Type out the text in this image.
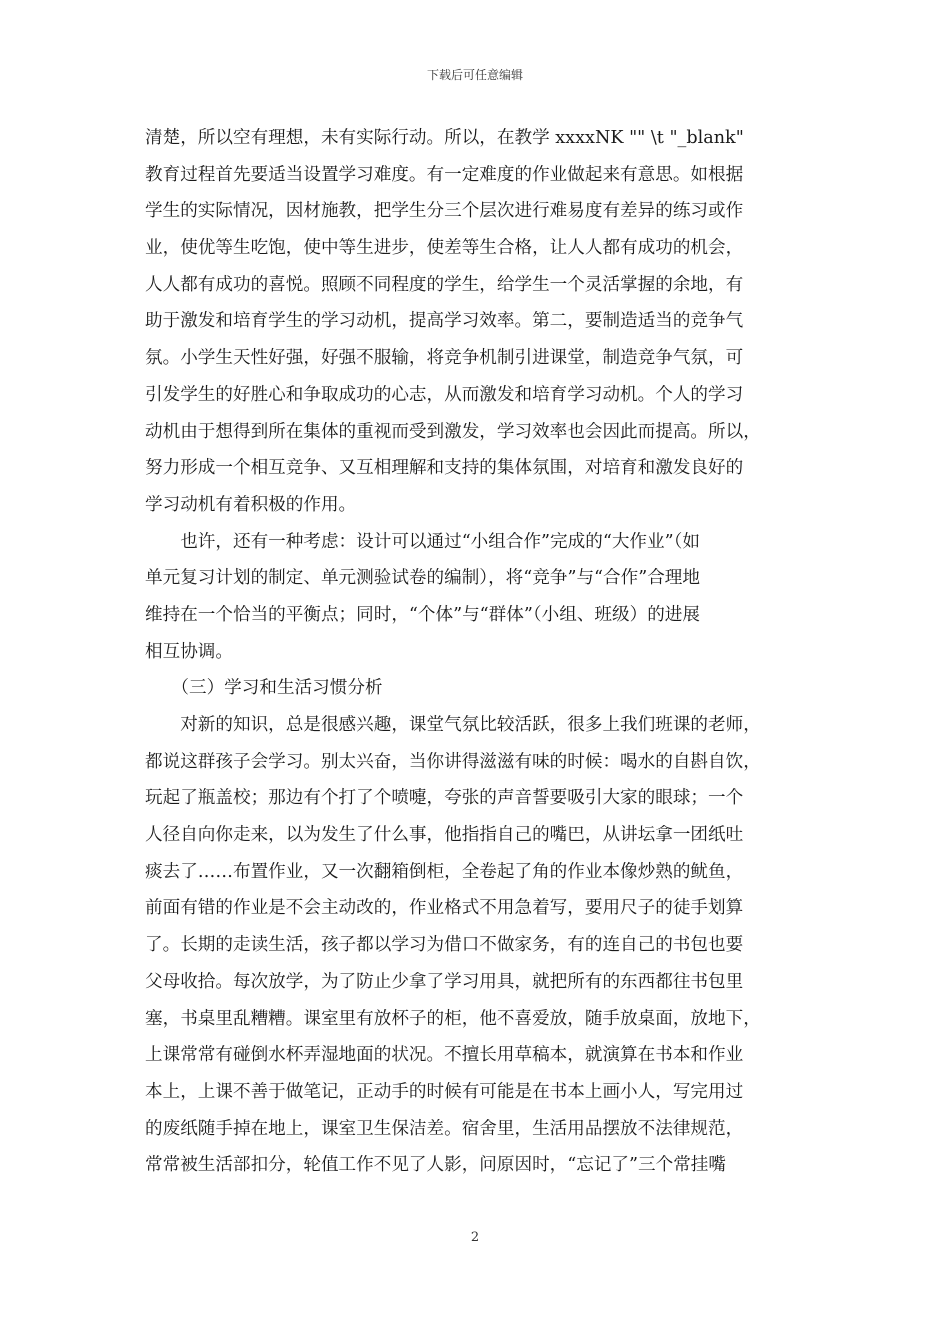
下载后可任意编辑
清楚，所以空有理想，未有实际行动。所以，在教学 xxxxNK "" \t "_blank"
教育过程首先要适当设置学习难度。有一定难度的作业做起来有意思。如根据
学生的实际情况，因材施教，把学生分三个层次进行难易度有差异的练习或作
业，使优等生吃饱，使中等生进步，使差等生合格，让人人都有成功的机会，
人人都有成功的喜悦。照顾不同程度的学生，给学生一个灵活掌握的余地，有
助于激发和培育学生的学习动机，提高学习效率。第二，要制造适当的竞争气
氛。小学生天性好强，好强不服输，将竞争机制引进课堂，制造竞争气氛，可
引发学生的好胜心和争取成功的心志，从而激发和培育学习动机。个人的学习
动机由于想得到所在集体的重视而受到激发，学习效率也会因此而提高。所以，
努力形成一个相互竞争、又互相理解和支持的集体氛围，对培育和激发良好的
学习动机有着积极的作用。
　　也许，还有一种考虑：设计可以通过“小组合作”完成的“大作业”（如
单元复习计划的制定、单元测验试卷的编制），将“竞争”与“合作”合理地
维持在一个恰当的平衡点；同时，“个体”与“群体”（小组、班级）的进展
相互协调。
　　（三）学习和生活习惯分析
　　对新的知识，总是很感兴趣，课堂气氛比较活跃，很多上我们班课的老师，
都说这群孩子会学习。别太兴奋，当你讲得滋滋有味的时候：喝水的自斟自饮，
玩起了瓶盖校；那边有个打了个喷嚏，夸张的声音誓要吸引大家的眼球；一个
人径自向你走来，以为发生了什么事，他指指自己的嘴巴，从讲坛拿一团纸吐
痰去了……布置作业，又一次翻箱倒柜，全卷起了角的作业本像炒熟的鱿鱼，
前面有错的作业是不会主动改的，作业格式不用急着写，要用尺子的徒手划算
了。长期的走读生活，孩子都以学习为借口不做家务，有的连自己的书包也要
父母收拾。每次放学，为了防止少拿了学习用具，就把所有的东西都往书包里
塞，书桌里乱糟糟。课室里有放杯子的柜，他不喜爱放，随手放桌面，放地下，
上课常常有碰倒水杯弄湿地面的状况。不擅长用草稿本，就演算在书本和作业
本上，上课不善于做笔记，正动手的时候有可能是在书本上画小人，写完用过
的废纸随手掉在地上，课室卫生保洁差。宿舍里，生活用品摆放不法律规范，
常常被生活部扣分，轮值工作不见了人影，问原因时，“忘记了”三个常挂嘴
2
